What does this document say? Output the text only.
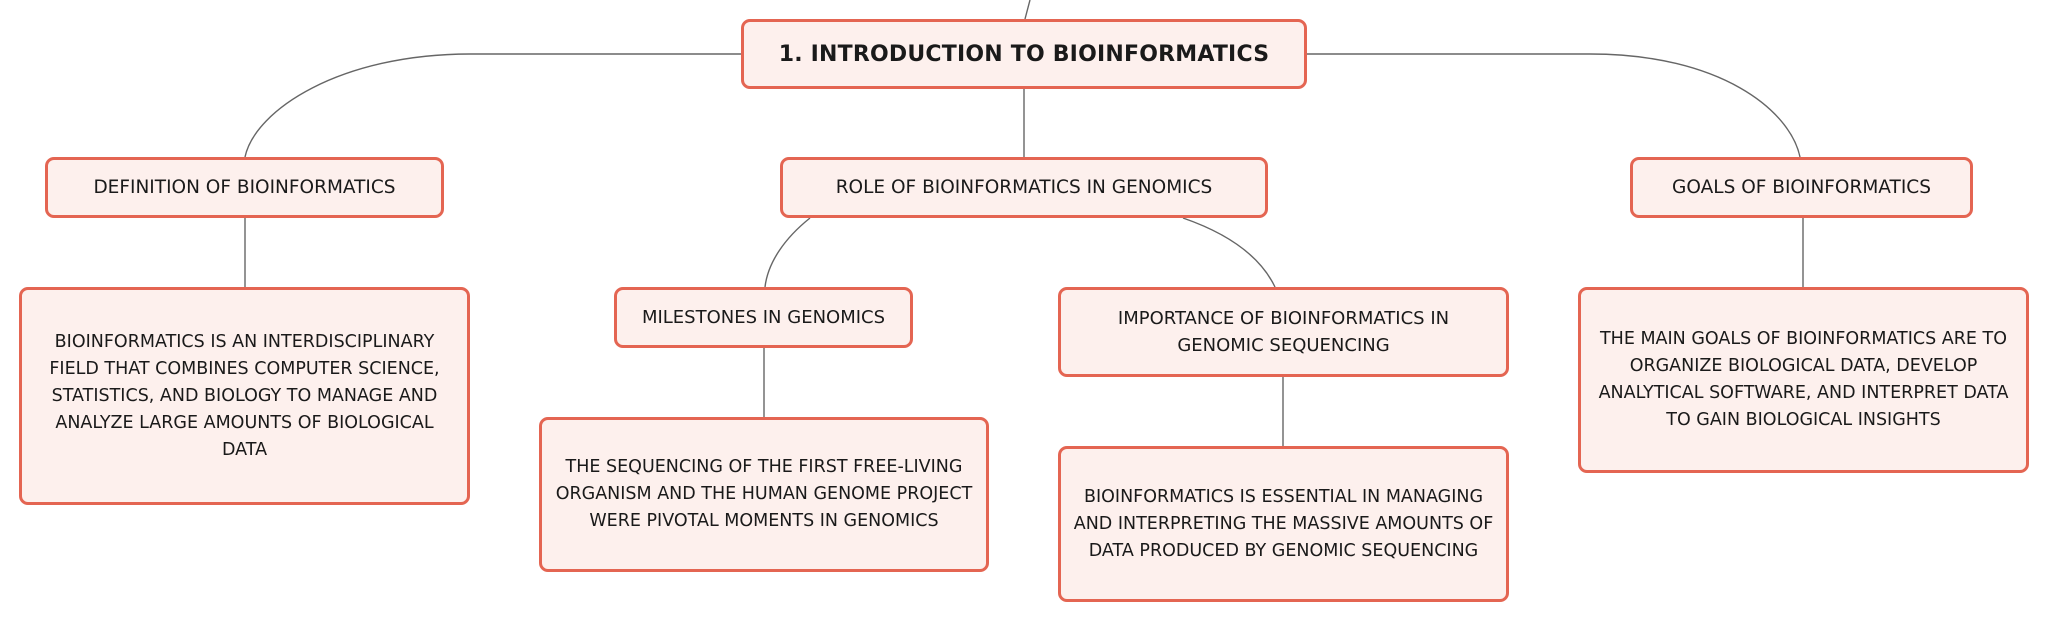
1. INTRODUCTION TO BIOINFORMATICS
DEFINITION OF BIOINFORMATICS	ROLE OF BIOINFORMATICS IN GENOMICS	GOALS OF BIOINFORMATICS
MILESTONES IN GENOMICS	IMPORTANCE OF BIOINFORMATICS IN GENOMIC SEQUENCING
BIOINFORMATICS IS AN INTERDISCIPLINARY FIELD THAT COMBINES COMPUTER SCIENCE, STATISTICS, AND BIOLOGY TO MANAGE AND ANALYZE LARGE AMOUNTS OF BIOLOGICAL DATA
THE SEQUENCING OF THE FIRST FREE-LIVING ORGANISM AND THE HUMAN GENOME PROJECT WERE PIVOTAL MOMENTS IN GENOMICS
BIOINFORMATICS IS ESSENTIAL IN MANAGING AND INTERPRETING THE MASSIVE AMOUNTS OF DATA PRODUCED BY GENOMIC SEQUENCING
THE MAIN GOALS OF BIOINFORMATICS ARE TO ORGANIZE BIOLOGICAL DATA, DEVELOP ANALYTICAL SOFTWARE, AND INTERPRET DATA TO GAIN BIOLOGICAL INSIGHTS
